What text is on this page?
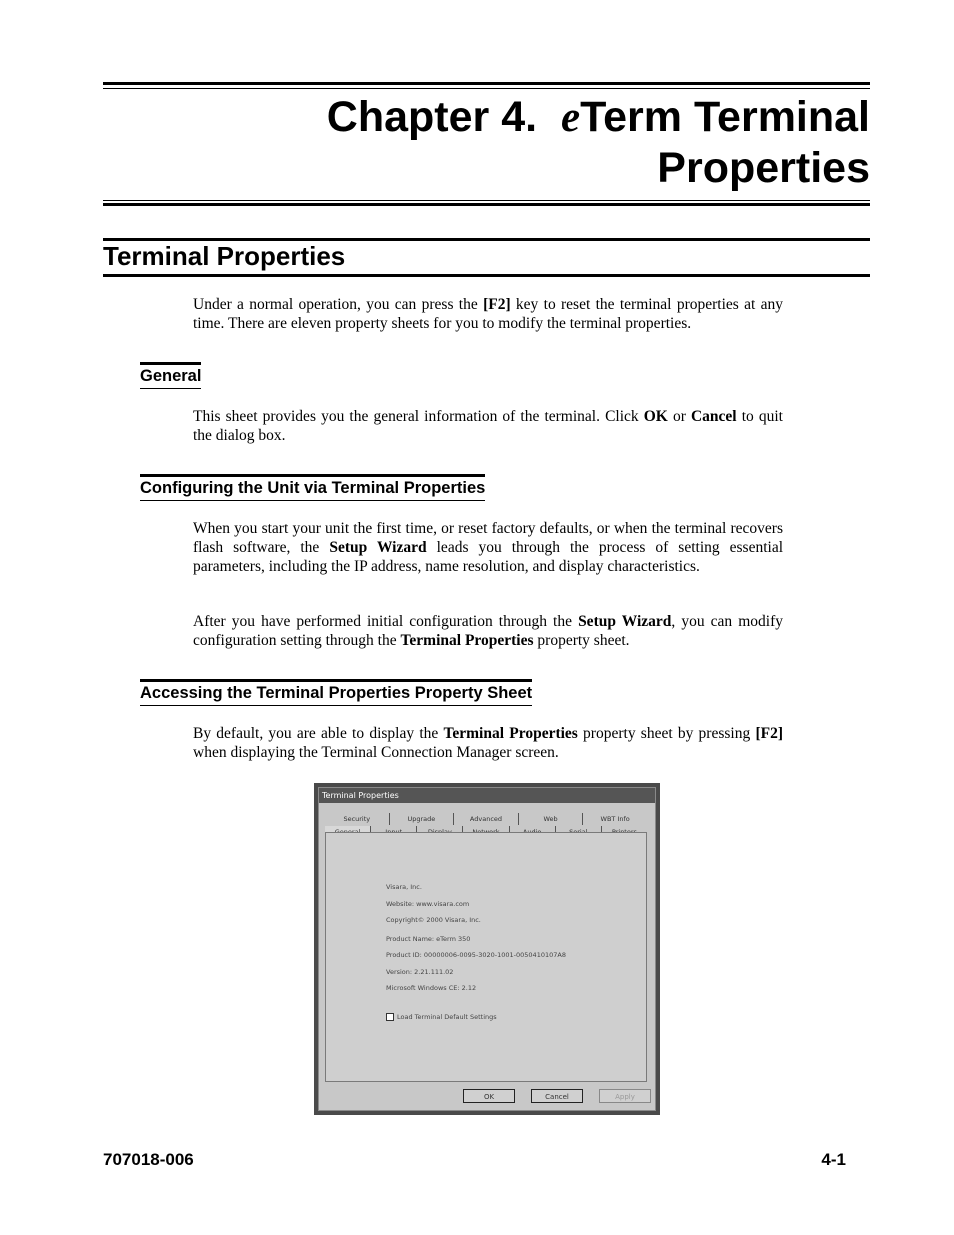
Chapter 4. eTerm Terminal
Properties
Terminal Properties
Under a normal operation, you can press the [F2] key to reset the terminal properties at any time. There are eleven property sheets for you to modify the terminal properties.
General
This sheet provides you the general information of the terminal. Click OK or Cancel to quit the dialog box.
Configuring the Unit via Terminal Properties
When you start your unit the first time, or reset factory defaults, or when the terminal recovers flash software, the Setup Wizard leads you through the process of setting essential parameters, including the IP address, name resolution, and display characteristics.
After you have performed initial configuration through the Setup Wizard, you can modify configuration setting through the Terminal Properties property sheet.
Accessing the Terminal Properties Property Sheet
By default, you are able to display the Terminal Properties property sheet by pressing [F2] when displaying the Terminal Connection Manager screen.
Terminal Properties
Security	Upgrade	Advanced	Web	WBT Info
Visara, Inc.
Website: www.visara.com
Copyright© 2000 Visara, Inc.
Product Name: eTerm 350
Product ID: 00000006-0095-3020-1001-0050410107A8
Version: 2.21.111.02
Microsoft Windows CE: 2.12
Load Terminal Default Settings
OK	Cancel	Apply
707018-006	4-1
